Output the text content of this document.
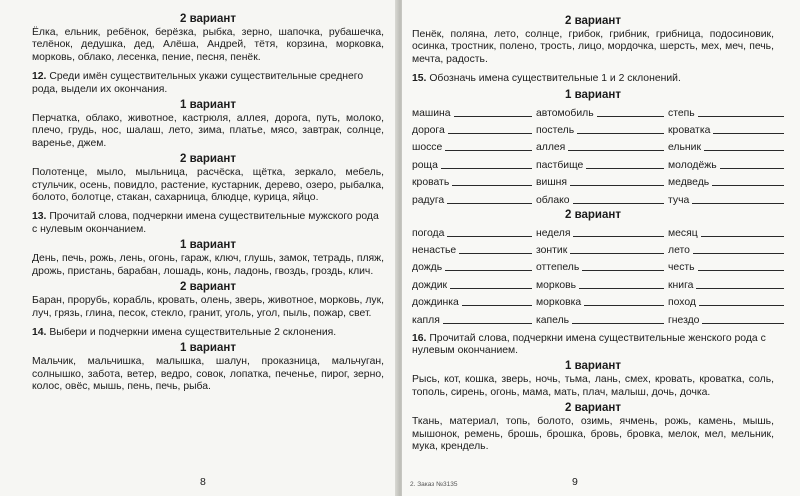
2 вариант
Ёлка, ельник, ребёнок, берёзка, рыбка, зерно, шапочка, рубашечка, телёнок, дедушка, дед, Алёша, Андрей, тётя, корзина, морковка, морковь, облако, лесенка, пение, песня, пенёк.
12. Среди имён существительных укажи существительные среднего рода, выдели их окончания.
1 вариант
Перчатка, облако, животное, кастрюля, аллея, дорога, путь, молоко, плечо, грудь, нос, шалаш, лето, зима, платье, мясо, завтрак, солнце, варенье, джем.
2 вариант
Полотенце, мыло, мыльница, расчёска, щётка, зеркало, мебель, стульчик, осень, повидло, растение, кустарник, дерево, озеро, рыбалка, болото, болотце, стакан, сахарница, блюдце, курица, яйцо.
13. Прочитай слова, подчеркни имена существительные мужского рода с нулевым окончанием.
1 вариант
День, печь, рожь, лень, огонь, гараж, ключ, глушь, замок, тетрадь, пляж, дрожь, пристань, барабан, лошадь, конь, ладонь, гвоздь, гроздь, клич.
2 вариант
Баран, прорубь, корабль, кровать, олень, зверь, животное, морковь, лук, луч, грязь, глина, песок, стекло, гранит, уголь, угол, пыль, пожар, свет.
14. Выбери и подчеркни имена существительные 2 склонения.
1 вариант
Мальчик, мальчишка, малышка, шалун, проказница, мальчуган, солнышко, забота, ветер, ведро, совок, лопатка, печенье, пирог, зерно, колос, овёс, мышь, пень, печь, рыба.
8
2 вариант
Пенёк, поляна, лето, солнце, грибок, грибник, грибница, подосиновик, осинка, тростник, полено, трость, лицо, мордочка, шерсть, мех, меч, печь, мечта, радость.
15. Обозначь имена существительные 1 и 2 склонений.
1 вариант
машина	автомобиль	степь
дорога	постель	кроватка
шоссе	аллея	ельник
роща	пастбище	молодёжь
кровать	вишня	медведь
радуга	облако	туча
2 вариант
погода	неделя	месяц
ненастье	зонтик	лето
дождь	оттепель	честь
дождик	морковь	книга
дождинка	морковка	поход
капля	капель	гнездо
16. Прочитай слова, подчеркни имена существительные женского рода с нулевым окончанием.
1 вариант
Рысь, кот, кошка, зверь, ночь, тьма, лань, смех, кровать, кроватка, соль, тополь, сирень, огонь, мама, мать, плач, малыш, дочь, дочка.
2 вариант
Ткань, материал, топь, болото, озимь, ячмень, рожь, камень, мышь, мышонок, ремень, брошь, брошка, бровь, бровка, мелок, мел, мельник, мука, крендель.
2. Заказ №3135	9
